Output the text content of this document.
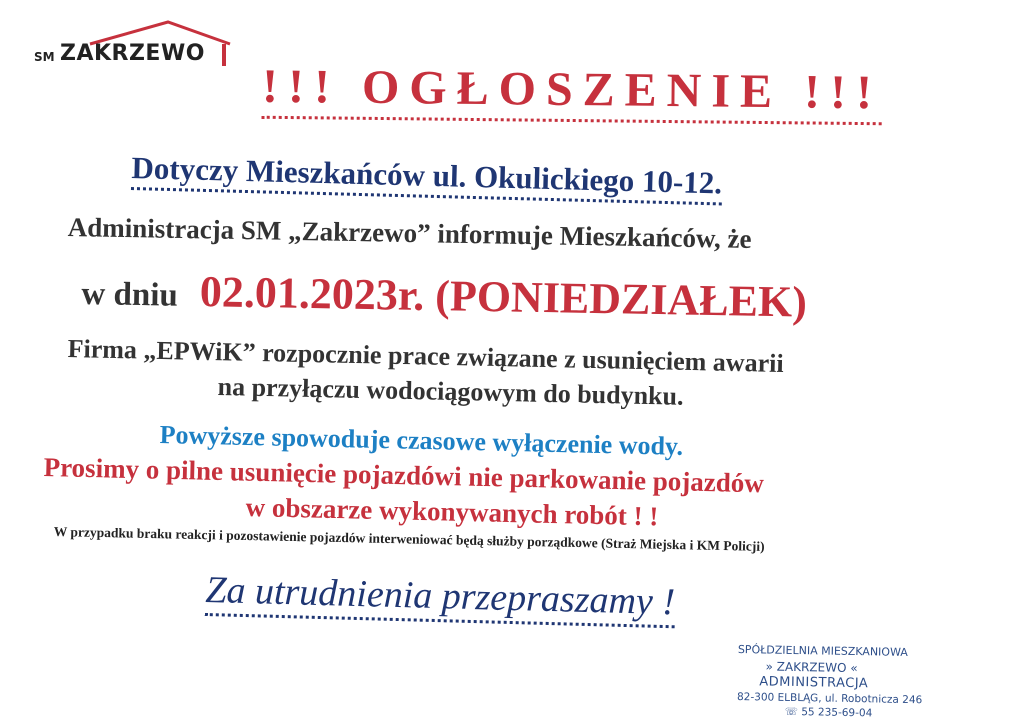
SM ZAKRZEWO
!!! OGŁOSZENIE !!!
Dotyczy Mieszkańców ul. Okulickiego 10-12.
Administracja SM „Zakrzewo” informuje Mieszkańców, że
w dniu 02.01.2023r. (PONIEDZIAŁEK)
Firma „EPWiK” rozpocznie prace związane z usunięciem awarii
na przyłączu wodociągowym do budynku.
Powyższe spowoduje czasowe wyłączenie wody.
Prosimy o pilne usunięcie pojazdówi nie parkowanie pojazdów
w obszarze wykonywanych robót ! !
W przypadku braku reakcji i pozostawienie pojazdów interweniować będą służby porządkowe (Straż Miejska i KM Policji)
Za utrudnienia przepraszamy !
SPÓŁDZIELNIA MIESZKANIOWA
» ZAKRZEWO «
ADMINISTRACJA
82-300 ELBLĄG, ul. Robotnicza 246
☏ 55 235-69-04
